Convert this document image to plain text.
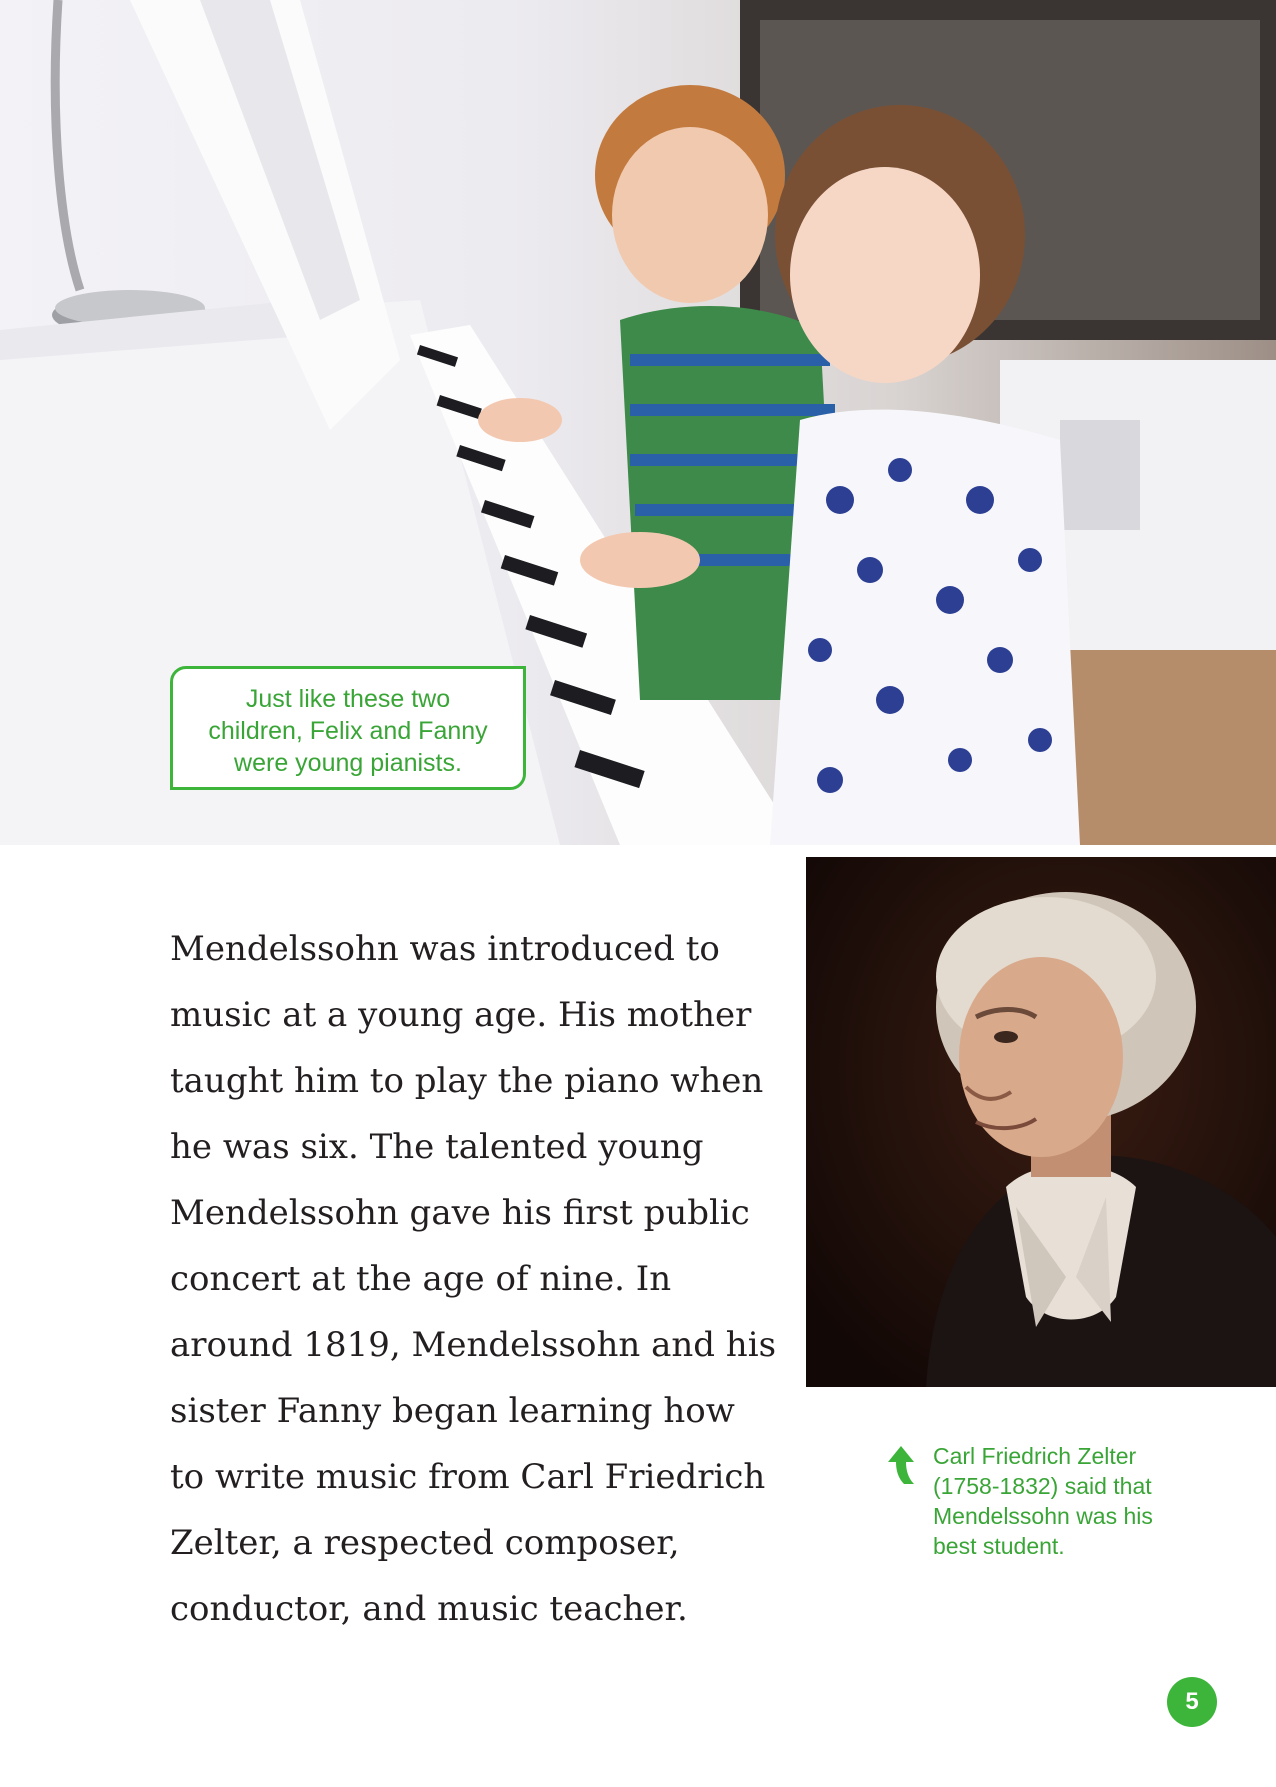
Just like these two
children, Felix and Fanny
were young pianists.
Mendelssohn was introduced to
music at a young age. His mother
taught him to play the piano when
he was six. The talented young
Mendelssohn gave his first public
concert at the age of nine. In
around 1819, Mendelssohn and his
sister Fanny began learning how
to write music from Carl Friedrich
Zelter, a respected composer,
conductor, and music teacher.
Carl Friedrich Zelter
(1758-1832) said that
Mendelssohn was his
best student.
5
